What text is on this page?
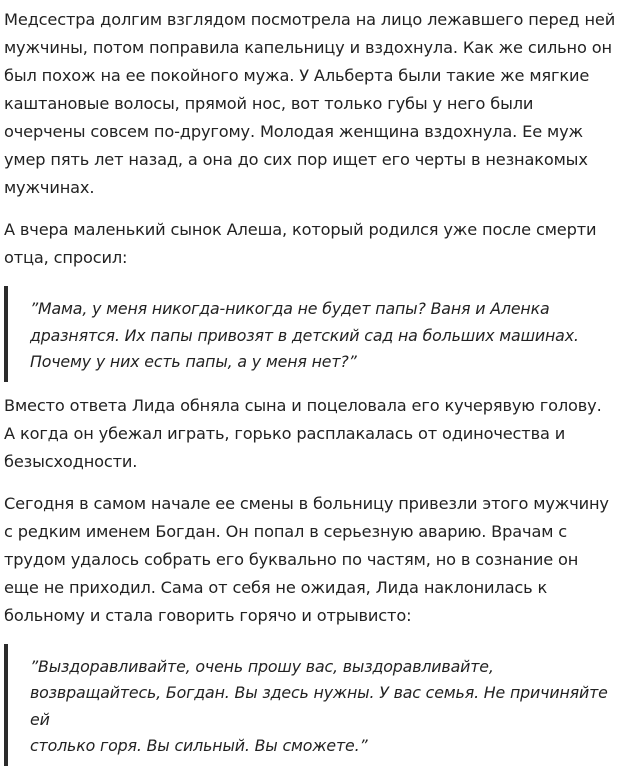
Медсестра долгим взглядом посмотрела на лицо лежавшего перед ней мужчины, потом поправила капельницу и вздохнула. Как же сильно он был похож на ее покойного мужа. У Альберта были такие же мягкие каштановые волосы, прямой нос, вот только губы у него были очерчены совсем по-другому. Молодая женщина вздохнула. Ее муж умер пять лет назад, а она до сих пор ищет его черты в незнакомых мужчинах.

А вчера маленький сынок Алеша, который родился уже после смерти отца, спросил:

”Мама, у меня никогда-никогда не будет папы? Ваня и Аленка
дразнятся. Их папы привозят в детский сад на больших машинах.
Почему у них есть папы, а у меня нет?”

Вместо ответа Лида обняла сына и поцеловала его кучерявую голову. А когда он убежал играть, горько расплакалась от одиночества и безысходности.

Сегодня в самом начале ее смены в больницу привезли этого мужчину с редким именем Богдан. Он попал в серьезную аварию. Врачам с трудом удалось собрать его буквально по частям, но в сознание он еще не приходил. Сама от себя не ожидая, Лида наклонилась к больному и стала говорить горячо и отрывисто:

”Выздоравливайте, очень прошу вас, выздоравливайте,
возвращайтесь, Богдан. Вы здесь нужны. У вас семья. Не причиняйте ей
столько горя. Вы сильный. Вы сможете.”
